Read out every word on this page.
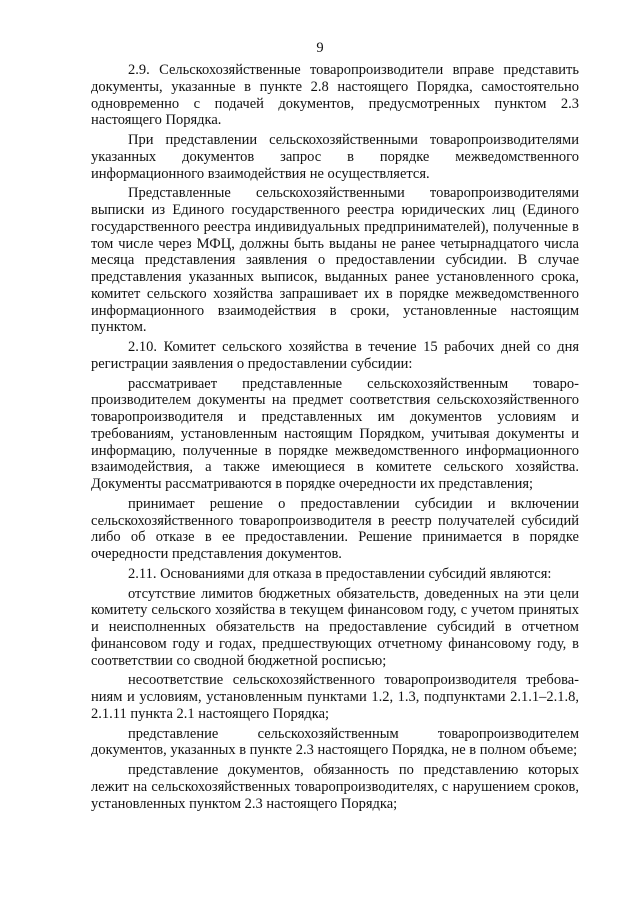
9

2.9. Сельскохозяйственные товаропроизводители вправе представить документы, указанные в пункте 2.8 настоящего Порядка, самостоятельно одновременно с подачей документов, предусмотренных пунктом 2.3 настоящего Порядка.

При представлении сельскохозяйственными товаропроизводителями указанных документов запрос в порядке межведомственного информационного взаимодействия не осуществляется.

Представленные сельскохозяйственными товаропроизводителями выписки из Единого государственного реестра юридических лиц (Единого государственного реестра индивидуальных предпринимателей), полученные в том числе через МФЦ, должны быть выданы не ранее четырнадцатого числа месяца представления заявления о предоставлении субсидии. В случае представления указанных выписок, выданных ранее установленного срока, комитет сельского хозяйства запрашивает их в порядке межведомственного информационного взаимодействия в сроки, установленные настоящим пунктом.

2.10. Комитет сельского хозяйства в течение 15 рабочих дней со дня регистрации заявления о предоставлении субсидии:

рассматривает представленные сельскохозяйственным товаропроизводителем документы на предмет соответствия сельскохозяйственного товаропроизводителя и представленных им документов условиям и требованиям, установленным настоящим Порядком, учитывая документы и информацию, полученные в порядке межведомственного информационного взаимодействия, а также имеющиеся в комитете сельского хозяйства. Документы рассматриваются в порядке очередности их представления;

принимает решение о предоставлении субсидии и включении сельскохозяйственного товаропроизводителя в реестр получателей субсидий либо об отказе в ее предоставлении. Решение принимается в порядке очередности представления документов.

2.11. Основаниями для отказа в предоставлении субсидий являются:

отсутствие лимитов бюджетных обязательств, доведенных на эти цели комитету сельского хозяйства в текущем финансовом году, с учетом принятых и неисполненных обязательств на предоставление субсидий в отчетном финансовом году и годах, предшествующих отчетному финансовому году, в соответствии со сводной бюджетной росписью;

несоответствие сельскохозяйственного товаропроизводителя требованиям и условиям, установленным пунктами 1.2, 1.3, подпунктами 2.1.1–2.1.8, 2.1.11 пункта 2.1 настоящего Порядка;

представление сельскохозяйственным товаропроизводителем документов, указанных в пункте 2.3 настоящего Порядка, не в полном объеме;

представление документов, обязанность по представлению которых лежит на сельскохозяйственных товаропроизводителях, с нарушением сроков, установленных пунктом 2.3 настоящего Порядка;
